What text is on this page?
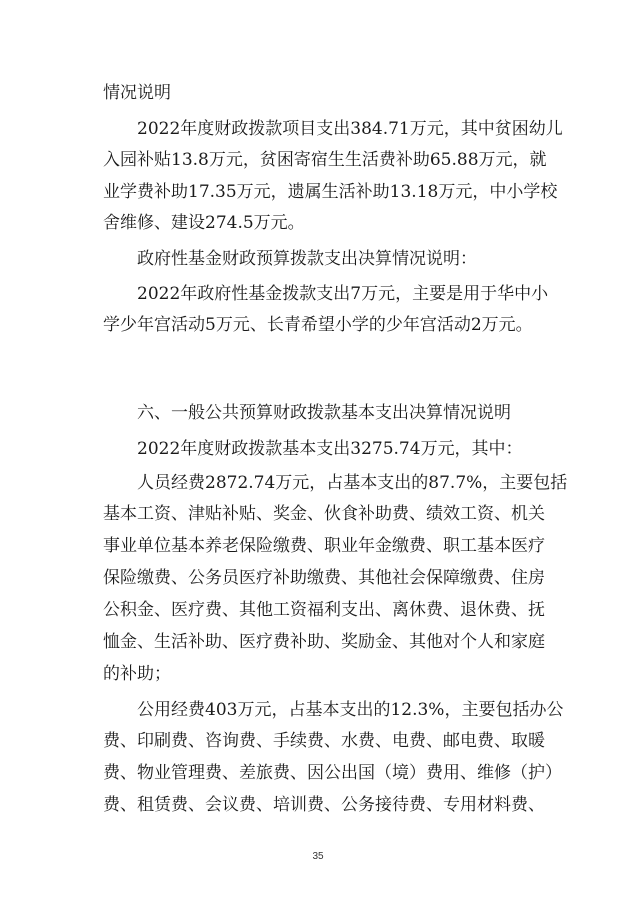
情况说明
2022年度财政拨款项目支出384.71万元，其中贫困幼儿
入园补贴13.8万元，贫困寄宿生生活费补助65.88万元，就
业学费补助17.35万元，遗属生活补助13.18万元，中小学校
舍维修、建设274.5万元。
政府性基金财政预算拨款支出决算情况说明：
2022年政府性基金拨款支出7万元，主要是用于华中小
学少年宫活动5万元、长青希望小学的少年宫活动2万元。
六、一般公共预算财政拨款基本支出决算情况说明
2022年度财政拨款基本支出3275.74万元，其中：
人员经费2872.74万元，占基本支出的87.7%，主要包括
基本工资、津贴补贴、奖金、伙食补助费、绩效工资、机关
事业单位基本养老保险缴费、职业年金缴费、职工基本医疗
保险缴费、公务员医疗补助缴费、其他社会保障缴费、住房
公积金、医疗费、其他工资福利支出、离休费、退休费、抚
恤金、生活补助、医疗费补助、奖励金、其他对个人和家庭
的补助；
公用经费403万元，占基本支出的12.3%，主要包括办公
费、印刷费、咨询费、手续费、水费、电费、邮电费、取暖
费、物业管理费、差旅费、因公出国（境）费用、维修（护）
费、租赁费、会议费、培训费、公务接待费、专用材料费、
35
